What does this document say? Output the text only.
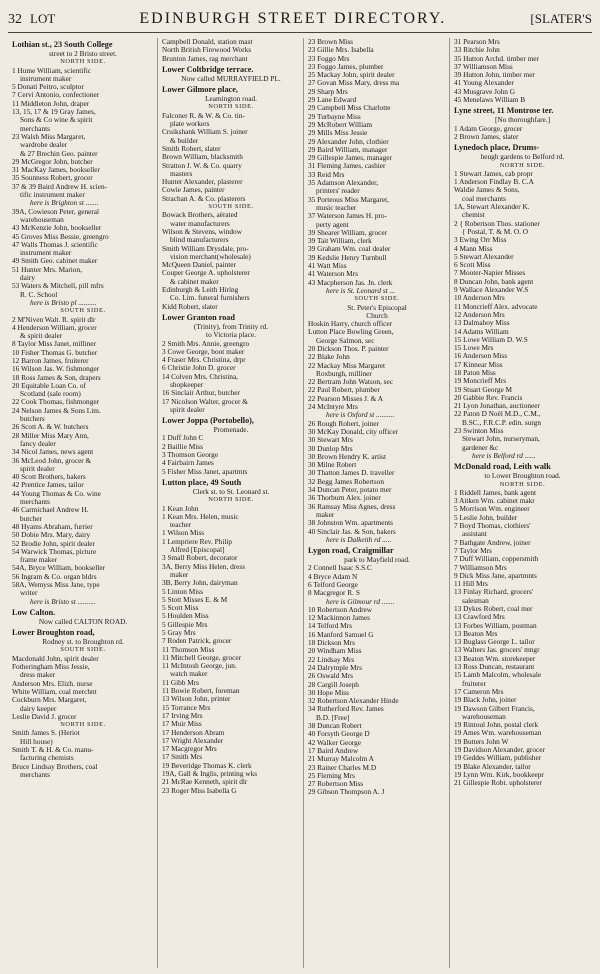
32 LOT	EDINBURGH STREET DIRECTORY.	[SLATER'S
Lothian st., 23 South College
street to 2 Bristo street.
NORTH SIDE.
1 Hume William, scientific
instrument maker
5 Donati Peitro, sculptor
7 Cervi Antonio, confectioner
11 Middleton John, draper
13, 15, 17 & 19 Gray James,
Sons & Co wine & spirit
merchants
23 Walsh Miss Margaret,
wardrobe dealer
& 27 Brechin Geo. painter
29 McGregor John, butcher
31 MacKay James, bookseller
35 Sounness Robert, grocer
37 & 39 Baird Andrew H. scien-
tific instrument maker
here is Brighton st .......
39A, Cowieson Peter, general
warehouseman
43 McKenzie John, bookseller
45 Groves Miss Bessie, greengro
47 Walls Thomas J. scientific
instrument maker
49 Smith Geo. cabinet maker
51 Hunter Mrs. Marion,
dairy
53 Waters & Mitchell, pill mfrs
R. C. School
here is Bristo pl ..........
SOUTH SIDE.
2 M'Niven Walt. R. spirit dlr
4 Henderson William, grocer
& spirit dealer
8 Taylor Miss Janet, milliner
10 Fisher Thomas G. butcher
12 Barron James, fruiterer
16 Wilson Jas. W. fishmonger
18 Ross James & Son, drapers
20 Equitable Loan Co. of
Scotland (sale room)
22 Cook Thomas, fishmonger
24 Nelson James & Sons Lim.
butchers
26 Scott A. & W. butchers
28 Miller Miss Mary Ann,
fancy dealer
34 Nicol James, news agent
36 McLeod John, grocer &
spirit dealer
40 Scott Brothers, bakers
42 Prentice James, tailor
44 Young Thomas & Co. wine
merchants
46 Carmichael Andrew H.
butcher
48 Hyams Abraham, furrier
50 Dobie Mrs. Mary, dairy
52 Brodie John, spirit dealer
54 Warwick Thomas, picture
frame maker
54A, Bryce William, bookseller
56 Ingram & Co. organ bldrs
58A, Wemyss Miss Jane, type
writer
here is Bristo st ..........
Low Calton.
Now called CALTON ROAD.
Lower Broughton road,
Rodney st. to Broughton rd.
SOUTH SIDE.
Macdonald John, spirit dealer
Fotheringham Miss Jessie,
dress maker
Anderson Mrs. Elizh. nurse
White William, coal merchnt
Cockburn Mrs. Margaret,
dairy keeper
Leslie David J. grocer
NORTH SIDE.
Smith James S. (Heriot
Hill house)
Smith T. & H. & Co. manu-
facturing chemists
Bruce Lindsay Brothers, coal
merchants
Campbell Donald, station mast
North British Firewood Works
Brunton James, rag merchant
Lower Coltbridge terrace.
Now called MURRAYFIELD PL.
Lower Gilmore place,
Leamington road.
NORTH SIDE.
Falconer R. & W. & Co. tin-
plate workers
Cruikshank William S. joiner
& builder
Smith Robert, slater
Brown William, blacksmith
Stratton J. W. & Co. quarry
masters
Hunter Alexander, plasterer
Cowie James, painter
Strachan A. & Co. plasterers
SOUTH SIDE.
Bowack Brothers, aërated
water manufacturers
Wilson & Stevens, window
blind manufacturers
Smith William Drysdale, pro-
vision merchant(wholesale)
McQueen Daniel, painter
Couper George A. upholsterer
& cabinet maker
Edinburgh & Leith Hiring
Co. Lim. funeral furnishers
Kidd Robert, slater
Lower Granton road
(Trinity), from Trinity rd.
to Victoria place.
2 Smith Mrs. Annie, greengro
3 Cowe George, boot maker
4 Fraser Mrs. Christina, drpr
6 Christie John D. grocer
14 Colven Mrs. Christina,
shopkeeper
16 Sinclair Arthur, butcher
17 Nicolson Walter, grocer &
spirit dealer
Lower Joppa (Portobello),
Promenade.
1 Duff John C
2 Baillie Miss
3 Thomson George
4 Fairbairn James
5 Fisher Miss Janet, apartmts
Lutton place, 49 South
Clerk st. to St. Leonard st.
NORTH SIDE.
1 Kean John
1 Kean Mrs. Helen, music
teacher
1 Wilson Miss
1 Lempriere Rev. Philip
Alfred [Episcopal]
3 Small Robert, decorator
3A, Berry Miss Helen, dress
maker
3B, Berry John, dairyman
5 Linton Miss
5 Stott Misses E. & M
5 Scott Miss
5 Houlden Miss
5 Gillespie Mrs
5 Gray Mrs
7 Roden Patrick, grocer
11 Thomson Miss
11 Mitchell George, grocer
11 McIntosh George, jun.
watch maker
11 Gibb Mrs
11 Bowie Robert, foreman
13 Wilson John, printer
15 Torrance Mrs
17 Irving Mrs
17 Muir Miss
17 Henderson Abram
17 Wright Alexander
17 Macgregor Mrs
17 Smith Mrs
19 Beveridge Thomas K. clerk
19A, Gall & Inglis, printing wks
21 McRae Kenneth, spirit dlr
23 Roger Miss Isabella G
23 Brown Miss
23 Gillie Mrs. Isabella
23 Foggo Mrs
23 Foggo James, plumber
25 Mackay John, spirit dealer
27 Govan Miss Mary, dress ma
29 Sharp Mrs
29 Lane Edward
29 Campbell Miss Charlotte
29 Turbayne Miss
29 McRobert William
29 Mills Miss Jessie
29 Alexander John, clothier
29 Baird William, manager
29 Gillespie James, manager
31 Fleming James, cashier
33 Reid Mrs
35 Adamson Alexander,
printers' reader
35 Porteous Miss Margaret,
music teacher
37 Waterson James H. pro-
perty agent
39 Shearer William, grocer
39 Tait William, clerk
39 Graham Wm. coal dealer
39 Kedslie Henry Turnbull
41 Watt Miss
41 Waterson Mrs
43 Macpherson Jas. Jn. clerk
here is St. Leonard st ...
SOUTH SIDE.
St. Peter's Episcopal
Church
Hoskin Harry, church officer
Lutton Place Bowling Green,
George Salmon, sec
20 Dickson Thos. P. painter
22 Blake John
22 Mackay Miss Margaret
Roxburgh, milliner
22 Bertram John Watson, sec
22 Paul Robert, plumber
22 Pearson Misses J. & A
24 McIntyre Mrs
here is Oxford st ..........
26 Rough Robert, joiner
30 McKay Donald, city officer
30 Stewart Mrs
30 Dunlop Mrs
30 Brown Hendry K. artist
30 Milne Robert
30 Thatton James D. traveller
32 Begg James Robertson
34 Duncan Peter, potato mer
36 Thorburn Alex. joiner
36 Ramsay Miss Agnes, dress
maker
38 Johnston Wm. apartments
40 Sinclair Jas. & Son, bakers
here is Dalkeith rd .....
Lygon road, Craigmillar
park to Mayfield road.
2 Connell Isaac S.S.C
4 Bryce Adam N
6 Telford George
8 Macgregor R. S
here is Gilmour rd .......
10 Robertson Andrew
12 Mackinnon James
14 Telford Mrs
16 Manford Samuel G
18 Dickson Mrs
20 Windham Miss
22 Lindsay Mrs
24 Dalrymple Mrs
26 Oswald Mrs
28 Cargill Joseph
30 Hope Miss
32 Robertson Alexander Hinde
34 Rutherford Rev. James
B.D. [Free]
38 Duncan Robert
40 Forsyth George D
42 Walker George
17 Baird Andrew
21 Murray Malcolm A
23 Rainer Charles M.D
25 Fleming Mrs
27 Robertson Miss
29 Gibson Thompson A. J
31 Pearson Mrs
33 Ritchie John
35 Hutton Archd. timber mer
37 Williamson Miss
39 Hutton John, timber mer
41 Young Alexander
43 Musgrave John G
45 Menelaws William B
Lyne street, 11 Montrose ter.
[No thoroughfare.]
1 Adam George, grocer
2 Brown James, slater
Lynedoch place, Drums-
heugh gardens to Belford rd.
NORTH SIDE.
1 Stewart James, cab propr
1 Anderson Findlay B. C.A
Waldie James & Sons,
coal merchants
1A, Stewart Alexander K.
chemist
2 { Robertson Thos. stationer
{ Postal, T. & M. O. O
3 Ewing Orr Miss
4 Mann Miss
5 Stewart Alexander
6 Scott Miss
7 Mooter-Napier Misses
8 Duncan John, bank agent
9 Wallace Alexander W.S
10 Anderson Mrs
11 Moncrieff Alex. advocate
12 Anderson Mrs
13 Dalmahoy Miss
14 Adams William
15 Lowe William D. W.S
15 Lowe Mrs
16 Anderson Miss
17 Kinnear Miss
18 Paton Miss
19 Moncrieff Mrs
19 Stuart George M
20 Gabbie Rev. Francis
21 Lyon Jonathan, auctioneer
22 Paton D Noël M.D., C.M.,
B.SC., F.R.C.P. edin. surgn
23 Swinton Miss
Stewart John, nurseryman,
gardener &c
here is Belford rd ......
McDonald road, Leith walk
to Lower Broughton road.
NORTH SIDE.
1 Riddell James, bank agent
3 Aitken Wm. cabinet makr
5 Morrison Wm. engineer
5 Leslie John, builder
7 Boyd Thomas, clothiers'
assistant
7 Bathgate Andrew, joiner
7 Taylor Mrs
7 Duff William, coppersmith
7 Williamson Mrs
9 Dick Miss Jane, apartmnts
11 Hill Mrs
13 Finlay Richard, grocers'
salesman
13 Dykes Robert, coal mer
13 Crawford Mrs
13 Forbes William, postman
13 Beaton Mrs
13 Buglass George L. tailor
13 Walters Jas. grocers' mngr
13 Beaton Wm. storekeeper
13 Ross Duncan, restaurant
15 Lamb Malcolm, wholesale
fruiterer
17 Cameron Mrs
19 Black John, joiner
19 Dawson Gilbert Francis,
warehouseman
19 Rintoul John, postal clerk
19 Ames Wm. warehouseman
19 Butters John W
19 Davidson Alexander, grocer
19 Geddes William, publisher
19 Blake Alexander, tailor
19 Lynn Wm. Kirk, bookkeepr
21 Gillespie Robt. upholsterer
